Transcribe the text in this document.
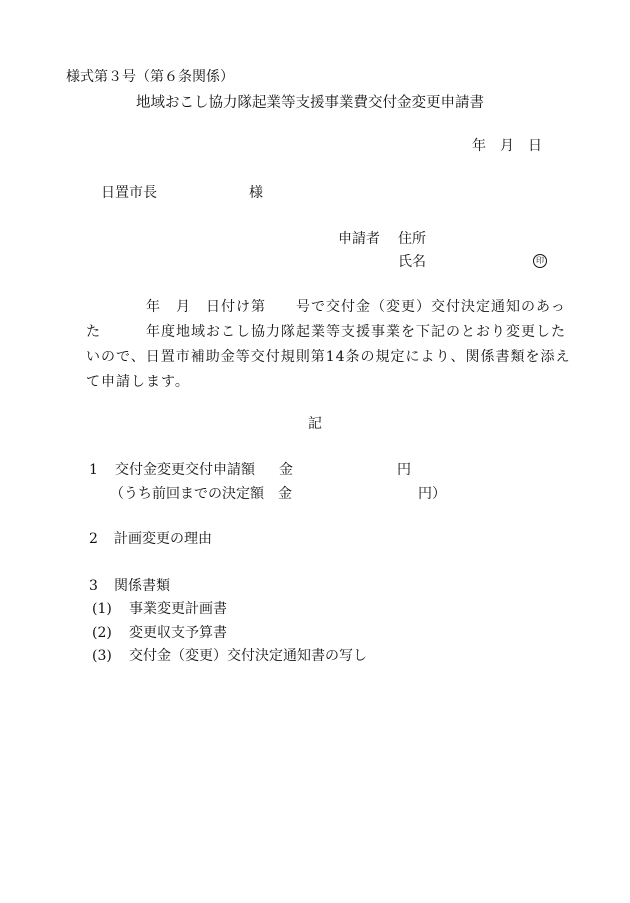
様式第３号（第６条関係）
地域おこし協力隊起業等支援事業費交付金変更申請書
年　月　日
日置市長	様
申請者 住所
氏名	印
　　　　年　月　日付け第　　号で交付金（変更）交付決定通知のあっ
た　　　年度地域おこし協力隊起業等支援事業を下記のとおり変更した
いので、日置市補助金等交付規則第14条の規定により、関係書類を添え
て申請します。
記
1 交付金変更交付申請額 金	円
（うち前回までの決定額　金　　　　　　　　　円）
2 計画変更の理由
3 関係書類
(1) 事業変更計画書
(2) 変更収支予算書
(3) 交付金（変更）交付決定通知書の写し
